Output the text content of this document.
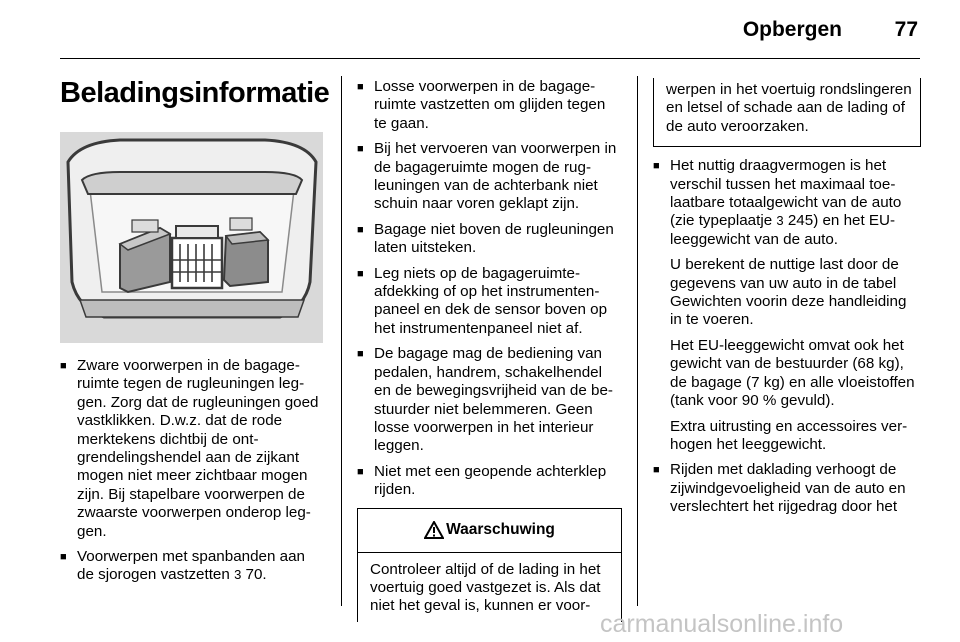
Opbergen	77
Beladingsinformatie
■ Zware voorwerpen in de bagageruimte tegen de rugleuningen leggen. Zorg dat de rugleuningen goed vastklikken. D.w.z. dat de rode merktekens dichtbij de ontgrendelingshendel aan de zijkant mogen niet meer zichtbaar mogen zijn. Bij stapelbare voorwerpen de zwaarste voorwerpen onderop leggen.
■ Voorwerpen met spanbanden aan de sjorogen vastzetten 3 70.
■ Losse voorwerpen in de bagageruimte vastzetten om glijden tegen te gaan.
■ Bij het vervoeren van voorwerpen in de bagageruimte mogen de rugleuningen van de achterbank niet schuin naar voren geklapt zijn.
■ Bagage niet boven de rugleuningen laten uitsteken.
■ Leg niets op de bagageruimteafdekking of op het instrumentenpaneel en dek de sensor boven op het instrumentenpaneel niet af.
■ De bagage mag de bediening van pedalen, handrem, schakelhendel en de bewegingsvrijheid van de bestuurder niet belemmeren. Geen losse voorwerpen in het interieur leggen.
■ Niet met een geopende achterklep rijden.
Waarschuwing
Controleer altijd of de lading in het voertuig goed vastgezet is. Als dat niet het geval is, kunnen er voor-
werpen in het voertuig rondslingeren en letsel of schade aan de lading of de auto veroorzaken.
■ Het nuttig draagvermogen is het verschil tussen het maximaal toelaatbare totaalgewicht van de auto (zie typeplaatje 3 245) en het EU-leeggewicht van de auto.

U berekent de nuttige last door de gegevens van uw auto in de tabel Gewichten voorin deze handleiding in te voeren.

Het EU-leeggewicht omvat ook het gewicht van de bestuurder (68 kg), de bagage (7 kg) en alle vloeistoffen (tank voor 90 % gevuld).

Extra uitrusting en accessoires verhogen het leeggewicht.

■ Rijden met daklading verhoogt de zijwindgevoeligheid van de auto en verslechtert het rijgedrag door het
carmanualsonline.info
